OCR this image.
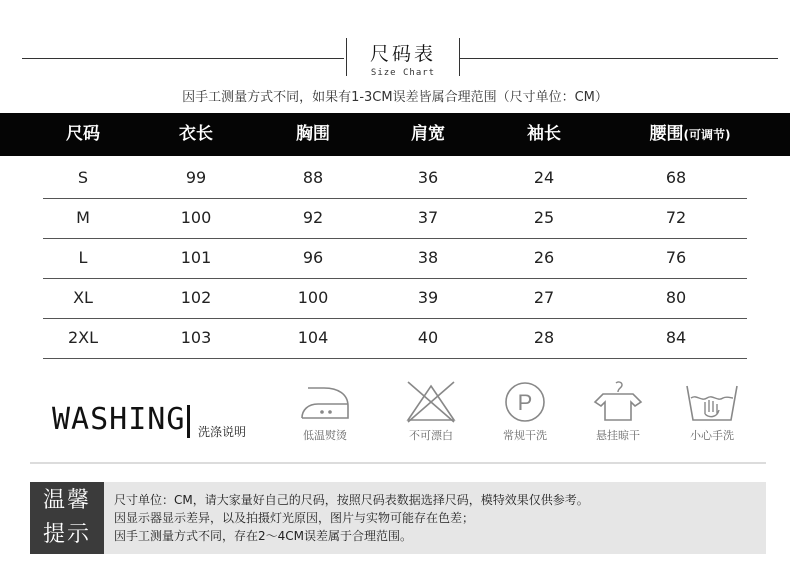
尺码表
Size Chart
因手工测量方式不同，如果有1-3CM误差皆属合理范围（尺寸单位：CM）
尺码	衣长	胸围	肩宽	袖长	腰围(可调节)
S	99	88	36	24	68
M	100	92	37	25	72
L	101	96	38	26	76
XL	102	100	39	27	80
2XL	103	104	40	28	84
WASHING 洗涤说明	低温熨烫	不可漂白
P
常规干洗	悬挂晾干	小心手洗
温馨
提示
尺寸单位：CM，请大家量好自己的尺码，按照尺码表数据选择尺码，模特效果仅供参考。
因显示器显示差异，以及拍摄灯光原因，图片与实物可能存在色差；
因手工测量方式不同，存在2～4CM误差属于合理范围。
